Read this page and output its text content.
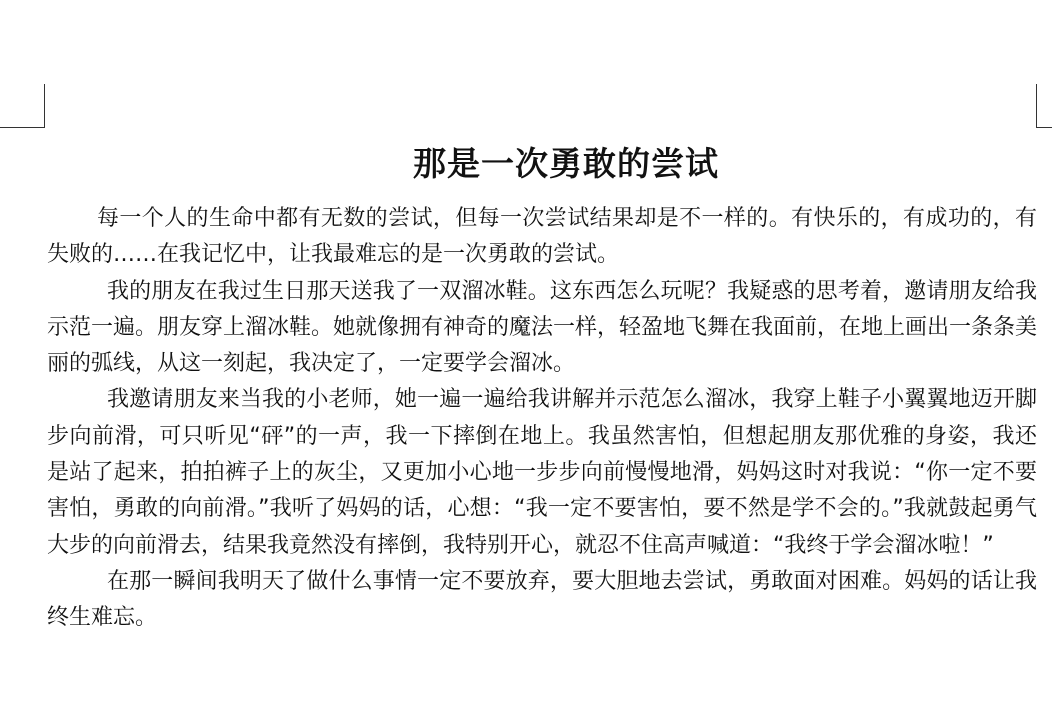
那是一次勇敢的尝试

每一个人的生命中都有无数的尝试，但每一次尝试结果却是不一样的。有快乐的，有成功的，有失败的……在我记忆中，让我最难忘的是一次勇敢的尝试。

我的朋友在我过生日那天送我了一双溜冰鞋。这东西怎么玩呢？我疑惑的思考着，邀请朋友给我示范一遍。朋友穿上溜冰鞋。她就像拥有神奇的魔法一样，轻盈地飞舞在我面前，在地上画出一条条美丽的弧线，从这一刻起，我决定了，一定要学会溜冰。

我邀请朋友来当我的小老师，她一遍一遍给我讲解并示范怎么溜冰，我穿上鞋子小翼翼地迈开脚步向前滑，可只听见“砰”的一声，我一下摔倒在地上。我虽然害怕，但想起朋友那优雅的身姿，我还是站了起来，拍拍裤子上的灰尘，又更加小心地一步步向前慢慢地滑，妈妈这时对我说：“你一定不要害怕，勇敢的向前滑。”我听了妈妈的话，心想：“我一定不要害怕，要不然是学不会的。”我就鼓起勇气大步的向前滑去，结果我竟然没有摔倒，我特别开心，就忍不住高声喊道：“我终于学会溜冰啦！”

在那一瞬间我明天了做什么事情一定不要放弃，要大胆地去尝试，勇敢面对困难。妈妈的话让我终生难忘。
